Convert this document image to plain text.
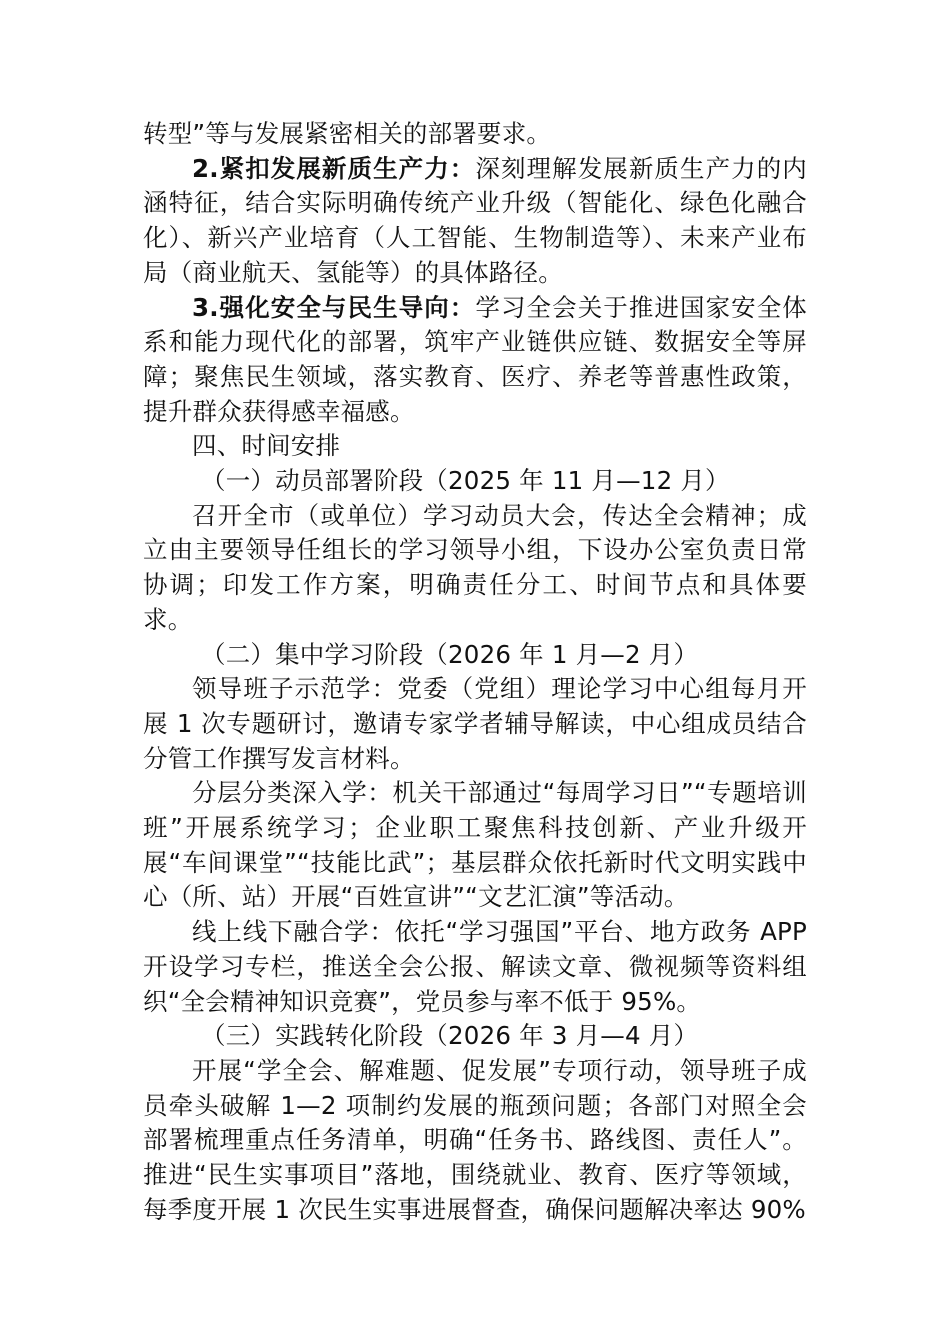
转型”等与发展紧密相关的部署要求。

2.紧扣发展新质生产力：深刻理解发展新质生产力的内涵特征，结合实际明确传统产业升级（智能化、绿色化融合化）、新兴产业培育（人工智能、生物制造等）、未来产业布局（商业航天、氢能等）的具体路径。

3.强化安全与民生导向：学习全会关于推进国家安全体系和能力现代化的部署，筑牢产业链供应链、数据安全等屏障；聚焦民生领域，落实教育、医疗、养老等普惠性政策，提升群众获得感幸福感。

四、时间安排

（一）动员部署阶段（2025 年 11 月—12 月）

召开全市（或单位）学习动员大会，传达全会精神；成立由主要领导任组长的学习领导小组，下设办公室负责日常协调；印发工作方案，明确责任分工、时间节点和具体要求。

（二）集中学习阶段（2026 年 1 月—2 月）

领导班子示范学：党委（党组）理论学习中心组每月开展 1 次专题研讨，邀请专家学者辅导解读，中心组成员结合分管工作撰写发言材料。

分层分类深入学：机关干部通过“每周学习日”“专题培训班”开展系统学习；企业职工聚焦科技创新、产业升级开展“车间课堂”“技能比武”；基层群众依托新时代文明实践中心（所、站）开展“百姓宣讲”“文艺汇演”等活动。

线上线下融合学：依托“学习强国”平台、地方政务 APP开设学习专栏，推送全会公报、解读文章、微视频等资料组织“全会精神知识竞赛”，党员参与率不低于 95%。

（三）实践转化阶段（2026 年 3 月—4 月）

开展“学全会、解难题、促发展”专项行动，领导班子成员牵头破解 1—2 项制约发展的瓶颈问题；各部门对照全会部署梳理重点任务清单，明确“任务书、路线图、责任人”。推进“民生实事项目”落地，围绕就业、教育、医疗等领域，每季度开展 1 次民生实事进展督查，确保问题解决率达 90%
